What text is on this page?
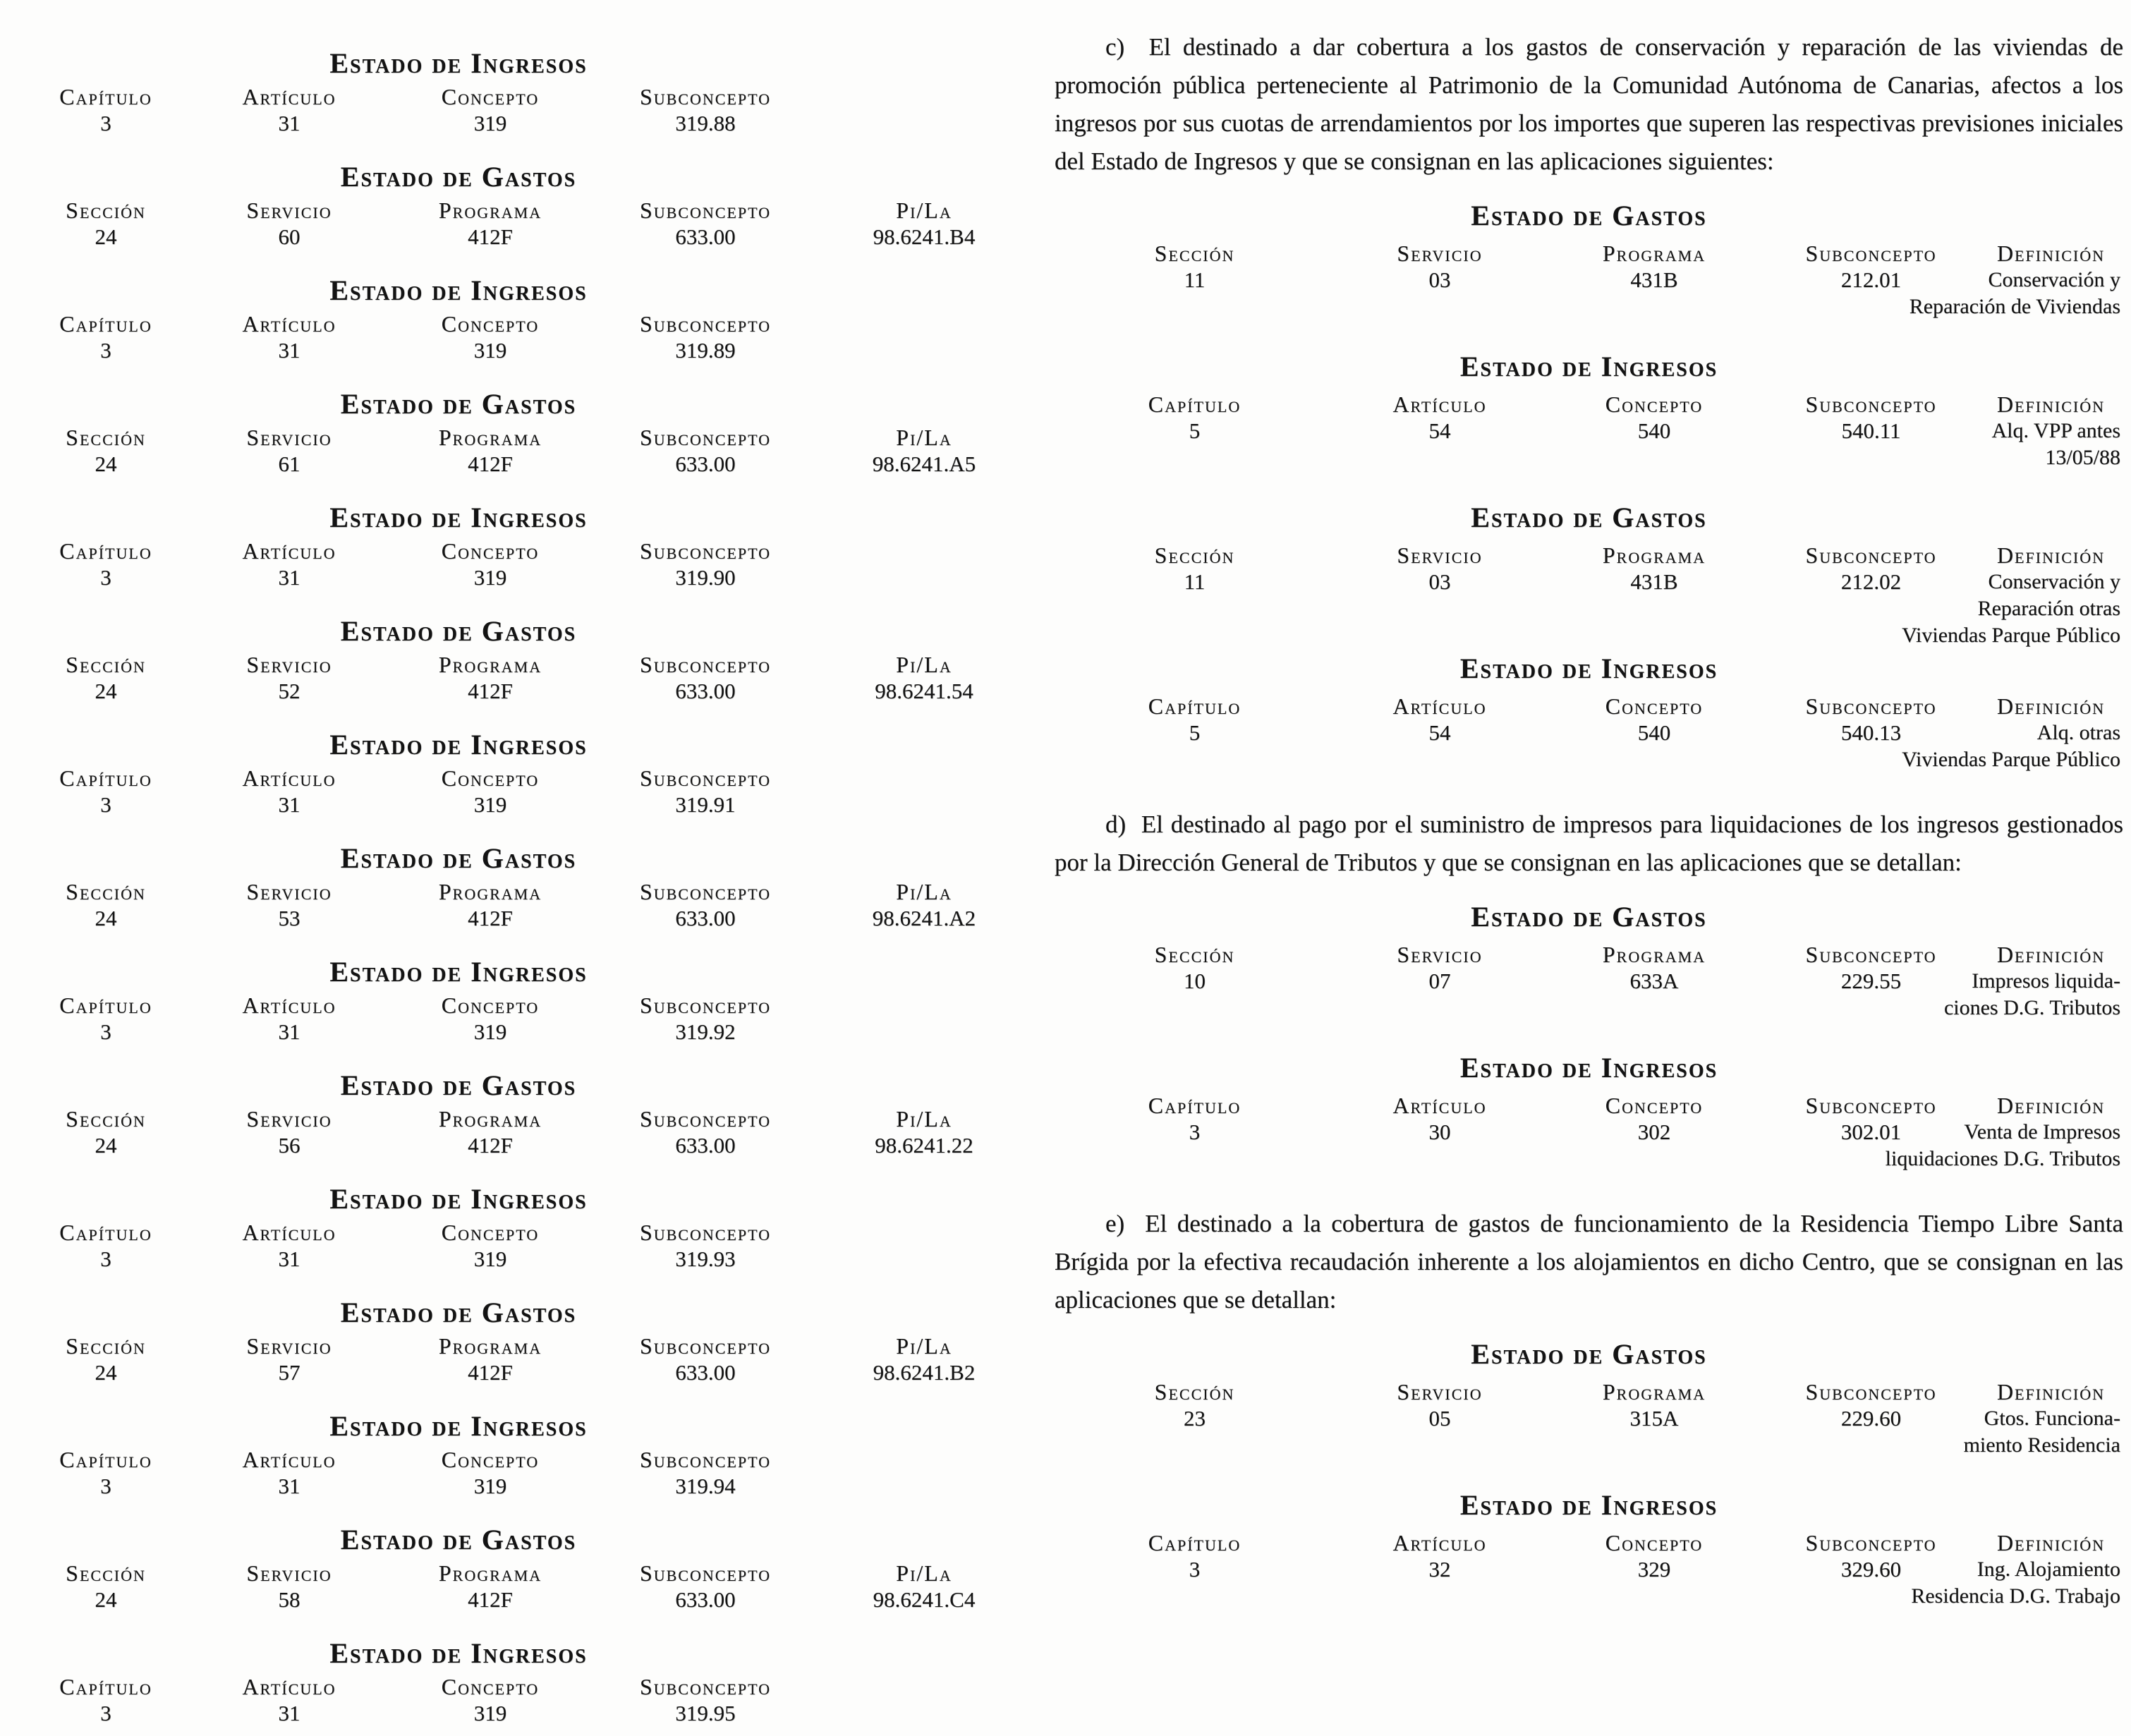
Estado de Ingresos
Capítulo	Artículo	Concepto	Subconcepto
3	31	319	319.88
Estado de Gastos
Sección	Servicio	Programa	Subconcepto	Pi/La
24	60	412F	633.00	98.6241.B4
Estado de Ingresos
Capítulo	Artículo	Concepto	Subconcepto
3	31	319	319.89
Estado de Gastos
Sección	Servicio	Programa	Subconcepto	Pi/La
24	61	412F	633.00	98.6241.A5
Estado de Ingresos
Capítulo	Artículo	Concepto	Subconcepto
3	31	319	319.90
Estado de Gastos
Sección	Servicio	Programa	Subconcepto	Pi/La
24	52	412F	633.00	98.6241.54
Estado de Ingresos
Capítulo	Artículo	Concepto	Subconcepto
3	31	319	319.91
Estado de Gastos
Sección	Servicio	Programa	Subconcepto	Pi/La
24	53	412F	633.00	98.6241.A2
Estado de Ingresos
Capítulo	Artículo	Concepto	Subconcepto
3	31	319	319.92
Estado de Gastos
Sección	Servicio	Programa	Subconcepto	Pi/La
24	56	412F	633.00	98.6241.22
Estado de Ingresos
Capítulo	Artículo	Concepto	Subconcepto
3	31	319	319.93
Estado de Gastos
Sección	Servicio	Programa	Subconcepto	Pi/La
24	57	412F	633.00	98.6241.B2
Estado de Ingresos
Capítulo	Artículo	Concepto	Subconcepto
3	31	319	319.94
Estado de Gastos
Sección	Servicio	Programa	Subconcepto	Pi/La
24	58	412F	633.00	98.6241.C4
Estado de Ingresos
Capítulo	Artículo	Concepto	Subconcepto
3	31	319	319.95

c)  El destinado a dar cobertura a los gastos de conservación y reparación de las viviendas de promoción pública perteneciente al Patrimonio de la Comunidad Autónoma de Canarias, afectos a los ingresos por sus cuotas de arrendamientos por los importes que superen las respectivas previsiones iniciales del Estado de Ingresos y que se consignan en las aplicaciones siguientes:

Estado de Gastos
Sección	Servicio	Programa	Subconcepto	Definición
11	03	431B	212.01	Conservación y
Reparación de Viviendas
Estado de Ingresos
Capítulo	Artículo	Concepto	Subconcepto	Definición
5	54	540	540.11	Alq. VPP antes
13/05/88
Estado de Gastos
Sección	Servicio	Programa	Subconcepto	Definición
11	03	431B	212.02	Conservación y
Reparación otras
Viviendas Parque Público
Estado de Ingresos
Capítulo	Artículo	Concepto	Subconcepto	Definición
5	54	540	540.13	Alq. otras
Viviendas Parque Público

d)  El destinado al pago por el suministro de impresos para liquidaciones de los ingresos gestionados por la Dirección General de Tributos y que se consignan en las aplicaciones que se detallan:

Estado de Gastos
Sección	Servicio	Programa	Subconcepto	Definición
10	07	633A	229.55	Impresos liquida-
ciones D.G. Tributos
Estado de Ingresos
Capítulo	Artículo	Concepto	Subconcepto	Definición
3	30	302	302.01	Venta de Impresos
liquidaciones D.G. Tributos

e)  El destinado a la cobertura de gastos de funcionamiento de la Residencia Tiempo Libre Santa Brígida por la efectiva recaudación inherente a los alojamientos en dicho Centro, que se consignan en las aplicaciones que se detallan:

Estado de Gastos
Sección	Servicio	Programa	Subconcepto	Definición
23	05	315A	229.60	Gtos. Funciona-
miento Residencia
Estado de Ingresos
Capítulo	Artículo	Concepto	Subconcepto	Definición
3	32	329	329.60	Ing. Alojamiento
Residencia D.G. Trabajo
